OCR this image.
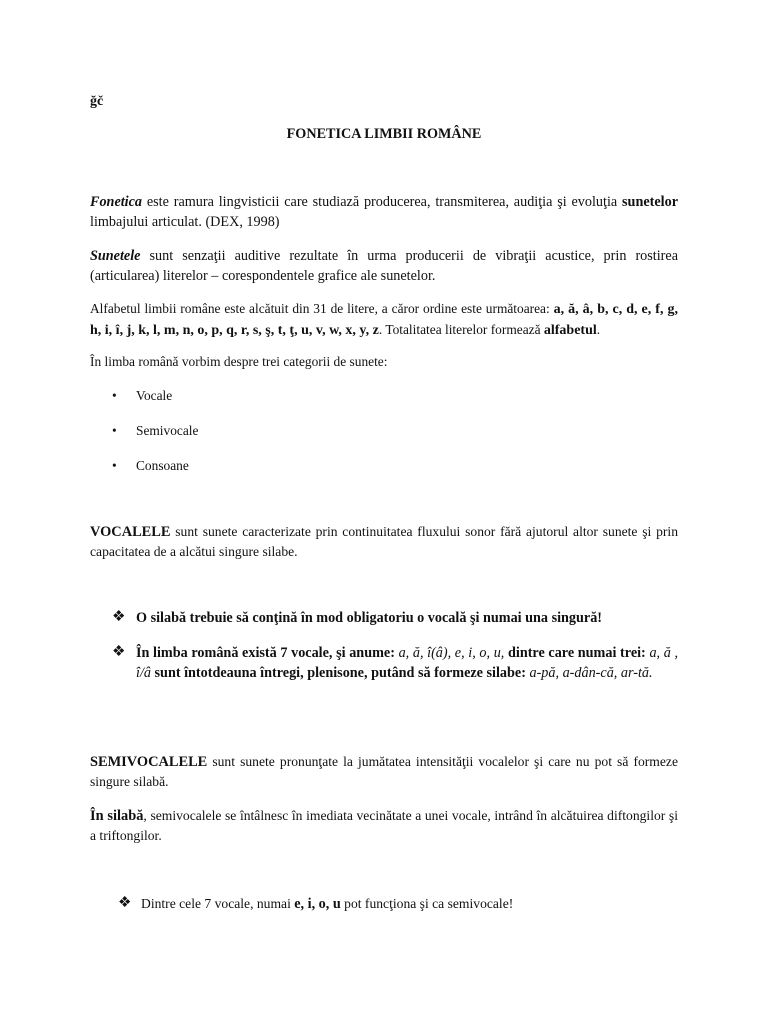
ğč
FONETICA LIMBII ROMÂNE

Fonetica este ramura lingvisticii care studiază producerea, transmiterea, audiţia şi evoluţia sunetelor limbajului articulat. (DEX, 1998)

Sunetele sunt senzaţii auditive rezultate în urma producerii de vibraţii acustice, prin rostirea (articularea) literelor – corespondentele grafice ale sunetelor.

Alfabetul limbii române este alcătuit din 31 de litere, a căror ordine este următoarea: a, ă, â, b, c, d, e, f, g, h, i, î, j, k, l, m, n, o, p, q, r, s, ş, t, ţ, u, v, w, x, y, z. Totalitatea literelor formează alfabetul.

În limba română vorbim despre trei categorii de sunete:

• Vocale
• Semivocale
• Consoane

VOCALELE sunt sunete caracterizate prin continuitatea fluxului sonor fără ajutorul altor sunete şi prin capacitatea de a alcătui singure silabe.

❖ O silabă trebuie să conţină în mod obligatoriu o vocală şi numai una singură!

❖ În limba română există 7 vocale, şi anume: a, ă, î(â), e, i, o, u, dintre care numai trei: a, ă , î/â sunt întotdeauna întregi, plenisone, putând să formeze silabe: a-pă, a-dân-că, ar-tă.

SEMIVOCALELE sunt sunete pronunţate la jumătatea intensităţii vocalelor şi care nu pot să formeze singure silabă.

În silabă, semivocalele se întâlnesc în imediata vecinătate a unei vocale, intrând în alcătuirea diftongilor şi a triftongilor.

❖ Dintre cele 7 vocale, numai e, i, o, u pot funcţiona şi ca semivocale!
